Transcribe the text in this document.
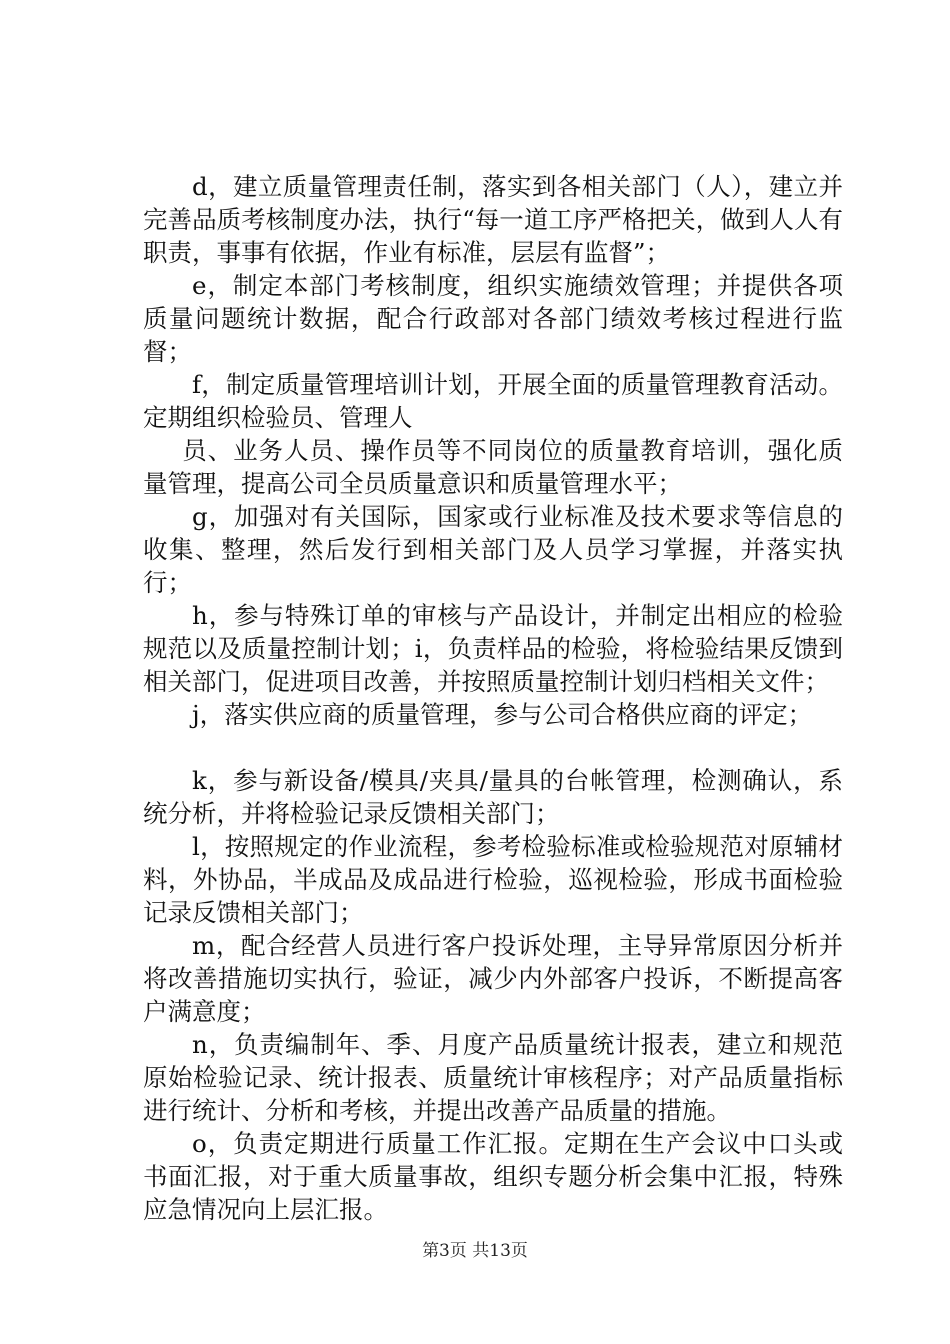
d，建立质量管理责任制，落实到各相关部门（人），建立并完善品质考核制度办法，执行“每一道工序严格把关，做到人人有职责，事事有依据，作业有标准，层层有监督”；

e，制定本部门考核制度，组织实施绩效管理；并提供各项质量问题统计数据，配合行政部对各部门绩效考核过程进行监督；

f，制定质量管理培训计划，开展全面的质量管理教育活动。定期组织检验员、管理人

员、业务人员、操作员等不同岗位的质量教育培训，强化质量管理，提高公司全员质量意识和质量管理水平；

g，加强对有关国际，国家或行业标准及技术要求等信息的收集、整理，然后发行到相关部门及人员学习掌握，并落实执行；

h，参与特殊订单的审核与产品设计，并制定出相应的检验规范以及质量控制计划；i，负责样品的检验，将检验结果反馈到相关部门，促进项目改善，并按照质量控制计划归档相关文件；

j，落实供应商的质量管理，参与公司合格供应商的评定；

k，参与新设备/模具/夹具/量具的台帐管理，检测确认，系统分析，并将检验记录反馈相关部门；

l，按照规定的作业流程，参考检验标准或检验规范对原辅材料，外协品，半成品及成品进行检验，巡视检验，形成书面检验记录反馈相关部门；

m，配合经营人员进行客户投诉处理，主导异常原因分析并将改善措施切实执行，验证，减少内外部客户投诉，不断提高客户满意度；

n，负责编制年、季、月度产品质量统计报表，建立和规范原始检验记录、统计报表、质量统计审核程序；对产品质量指标进行统计、分析和考核，并提出改善产品质量的措施。

o，负责定期进行质量工作汇报。定期在生产会议中口头或书面汇报，对于重大质量事故，组织专题分析会集中汇报，特殊应急情况向上层汇报。

第3页 共13页
